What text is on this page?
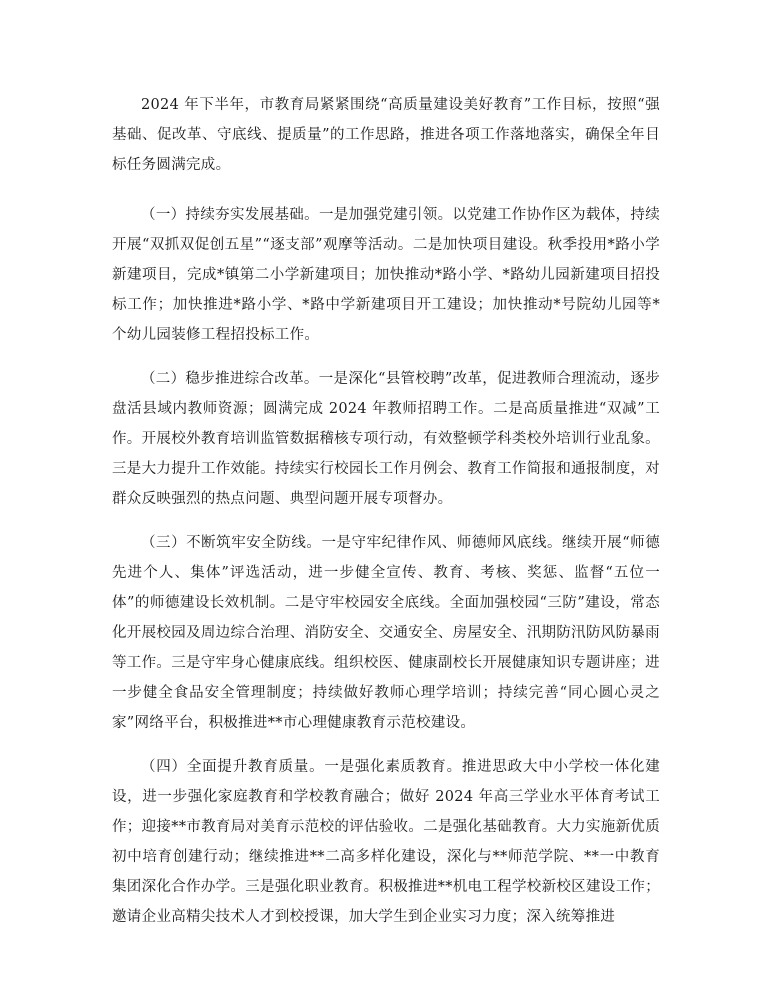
2024 年下半年，市教育局紧紧围绕“高质量建设美好教育”工作目标，按照“强基础、促改革、守底线、提质量”的工作思路，推进各项工作落地落实，确保全年目标任务圆满完成。

（一）持续夯实发展基础。一是加强党建引领。以党建工作协作区为载体，持续开展“双抓双促创五星”“逐支部”观摩等活动。二是加快项目建设。秋季投用*路小学新建项目，完成*镇第二小学新建项目；加快推动*路小学、*路幼儿园新建项目招投标工作；加快推进*路小学、*路中学新建项目开工建设；加快推动*号院幼儿园等*个幼儿园装修工程招投标工作。

（二）稳步推进综合改革。一是深化“县管校聘”改革，促进教师合理流动，逐步盘活县域内教师资源；圆满完成 2024 年教师招聘工作。二是高质量推进“双减”工作。开展校外教育培训监管数据稽核专项行动，有效整顿学科类校外培训行业乱象。三是大力提升工作效能。持续实行校园长工作月例会、教育工作简报和通报制度，对群众反映强烈的热点问题、典型问题开展专项督办。

（三）不断筑牢安全防线。一是守牢纪律作风、师德师风底线。继续开展“师德先进个人、集体”评选活动，进一步健全宣传、教育、考核、奖惩、监督“五位一体”的师德建设长效机制。二是守牢校园安全底线。全面加强校园“三防”建设，常态化开展校园及周边综合治理、消防安全、交通安全、房屋安全、汛期防汛防风防暴雨等工作。三是守牢身心健康底线。组织校医、健康副校长开展健康知识专题讲座；进一步健全食品安全管理制度；持续做好教师心理学培训；持续完善“同心圆心灵之家”网络平台，积极推进**市心理健康教育示范校建设。

（四）全面提升教育质量。一是强化素质教育。推进思政大中小学校一体化建设，进一步强化家庭教育和学校教育融合；做好 2024 年高三学业水平体育考试工作；迎接**市教育局对美育示范校的评估验收。二是强化基础教育。大力实施新优质初中培育创建行动；继续推进**二高多样化建设，深化与**师范学院、**一中教育集团深化合作办学。三是强化职业教育。积极推进**机电工程学校新校区建设工作；邀请企业高精尖技术人才到校授课，加大学生到企业实习力度；深入统筹推进
